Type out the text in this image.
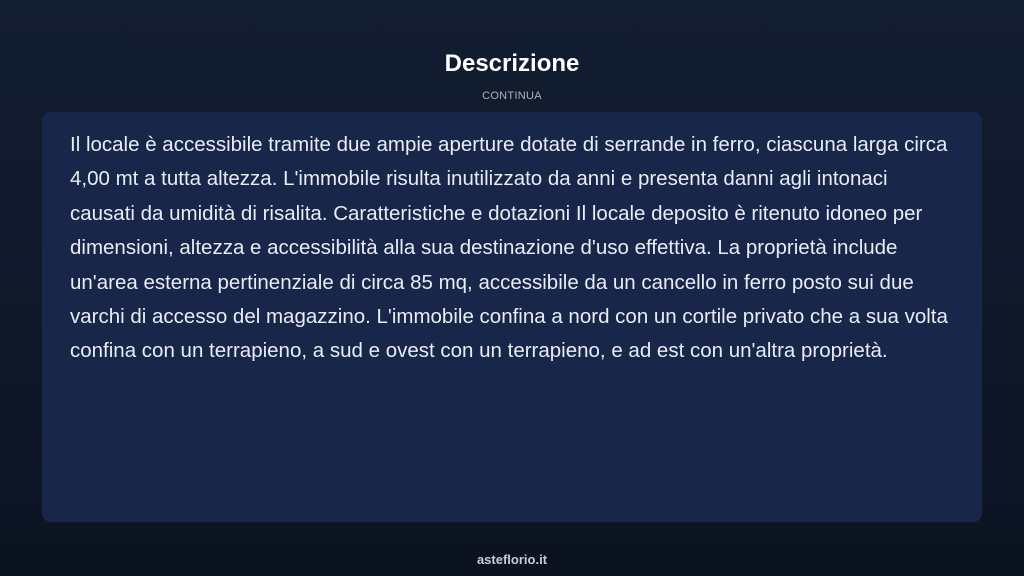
Descrizione
CONTINUA

Il locale è accessibile tramite due ampie aperture dotate di serrande in ferro, ciascuna larga circa 4,00 mt a tutta altezza. L'immobile risulta inutilizzato da anni e presenta danni agli intonaci causati da umidità di risalita. Caratteristiche e dotazioni Il locale deposito è ritenuto idoneo per dimensioni, altezza e accessibilità alla sua destinazione d'uso effettiva. La proprietà include un'area esterna pertinenziale di circa 85 mq, accessibile da un cancello in ferro posto sui due varchi di accesso del magazzino. L'immobile confina a nord con un cortile privato che a sua volta confina con un terrapieno, a sud e ovest con un terrapieno, e ad est con un'altra proprietà.

asteflorio.it
